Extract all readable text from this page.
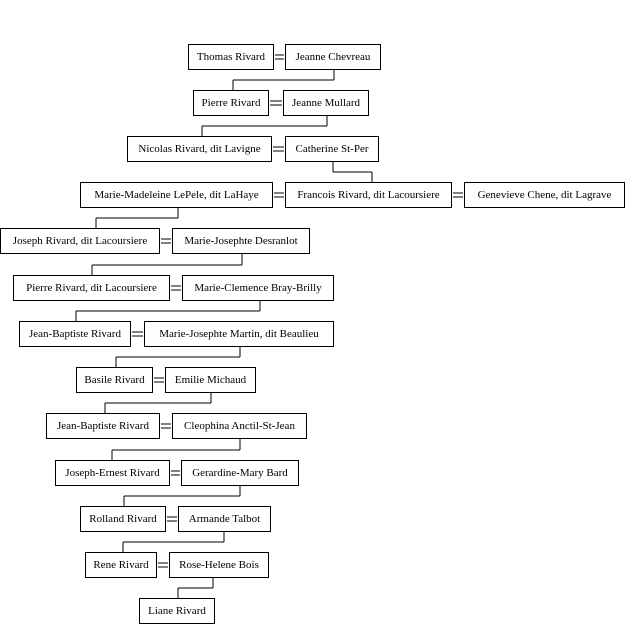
Thomas Rivard	Jeanne Chevreau
Pierre Rivard	Jeanne Mullard
Nicolas Rivard, dit Lavigne	Catherine St-Per
Marie-Madeleine LePele, dit LaHaye	Francois Rivard, dit Lacoursiere	Genevieve Chene, dit Lagrave
Joseph Rivard, dit Lacoursiere	Marie-Josephte Desranlot
Pierre Rivard, dit Lacoursiere	Marie-Clemence Bray-Brilly
Jean-Baptiste Rivard	Marie-Josephte Martin, dit Beaulieu
Basile Rivard	Emilie Michaud
Jean-Baptiste Rivard	Cleophina Anctil-St-Jean
Joseph-Ernest Rivard	Gerardine-Mary Bard
Rolland Rivard	Armande Talbot
Rene Rivard	Rose-Helene Bois
Liane Rivard
